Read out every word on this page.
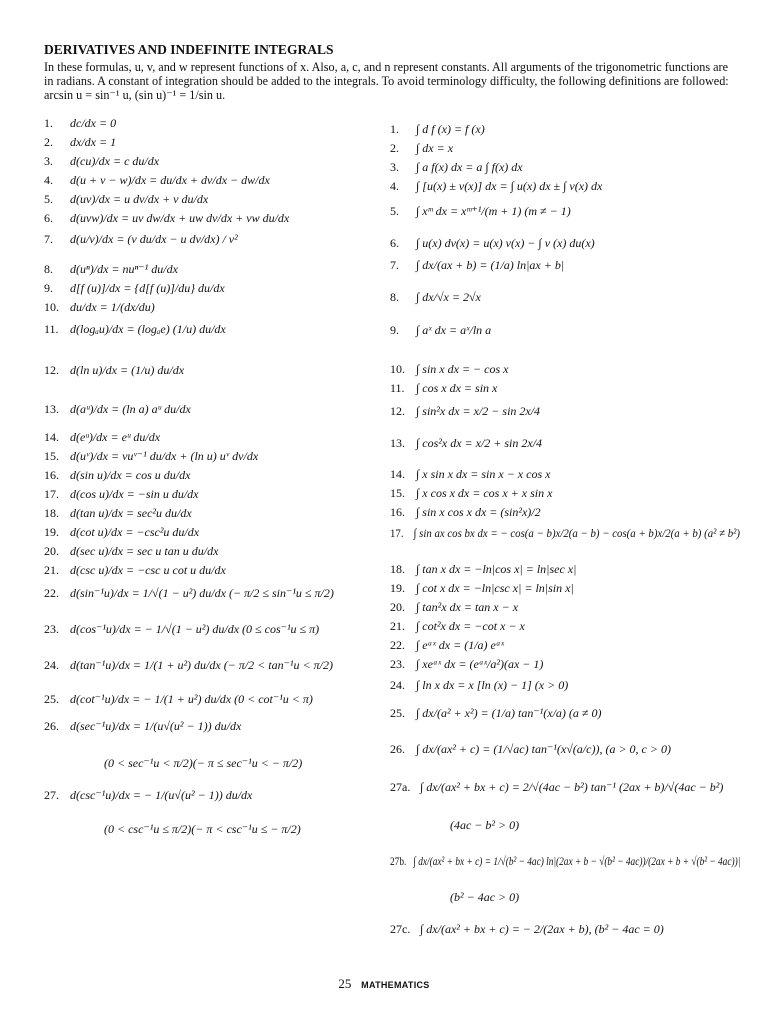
DERIVATIVES AND INDEFINITE INTEGRALS
In these formulas, u, v, and w represent functions of x. Also, a, c, and n represent constants. All arguments of the trigonometric functions are in radians. A constant of integration should be added to the integrals. To avoid terminology difficulty, the following definitions are followed: arcsin u = sin⁻¹ u, (sin u)⁻¹ = 1/sin u.
1. dc/dx = 0
2. dx/dx = 1
3. d(cu)/dx = c du/dx
4. d(u + v − w)/dx = du/dx + dv/dx − dw/dx
5. d(uv)/dx = u dv/dx + v du/dx
6. d(uvw)/dx = uv dw/dx + uw dv/dx + vw du/dx
7. d(u/v)/dx = (v du/dx − u dv/dx) / v²
8. d(uⁿ)/dx = nuⁿ⁻¹ du/dx
9. d[f (u)]/dx = {d[f (u)]/du} du/dx
10. du/dx = 1/(dx/du)
11. d(logₐu)/dx = (logₐe) (1/u) du/dx
12. d(ln u)/dx = (1/u) du/dx
13. d(aᵘ)/dx = (ln a) aᵘ du/dx
14. d(eᵘ)/dx = eᵘ du/dx
15. d(uᵛ)/dx = vuᵛ⁻¹ du/dx + (ln u) uᵛ dv/dx
16. d(sin u)/dx = cos u du/dx
17. d(cos u)/dx = −sin u du/dx
18. d(tan u)/dx = sec²u du/dx
19. d(cot u)/dx = −csc²u du/dx
20. d(sec u)/dx = sec u tan u du/dx
21. d(csc u)/dx = −csc u cot u du/dx
22. d(sin⁻¹u)/dx = 1/√(1 − u²) du/dx (− π/2 ≤ sin⁻¹u ≤ π/2)
23. d(cos⁻¹u)/dx = − 1/√(1 − u²) du/dx (0 ≤ cos⁻¹u ≤ π)
24. d(tan⁻¹u)/dx = 1/(1 + u²) du/dx (− π/2 < tan⁻¹u < π/2)
25. d(cot⁻¹u)/dx = − 1/(1 + u²) du/dx (0 < cot⁻¹u < π)
26. d(sec⁻¹u)/dx = 1/(u√(u² − 1)) du/dx
(0 < sec⁻¹u < π/2)(− π ≤ sec⁻¹u < − π/2)
27. d(csc⁻¹u)/dx = − 1/(u√(u² − 1)) du/dx
(0 < csc⁻¹u ≤ π/2)(− π < csc⁻¹u ≤ − π/2)
1. ∫ d f (x) = f (x)
2. ∫ dx = x
3. ∫ a f(x) dx = a ∫ f(x) dx
4. ∫ [u(x) ± v(x)] dx = ∫ u(x) dx ± ∫ v(x) dx
5. ∫ xᵐ dx = xᵐ⁺¹/(m + 1) (m ≠ − 1)
6. ∫ u(x) dv(x) = u(x) v(x) − ∫ v (x) du(x)
7. ∫ dx/(ax + b) = (1/a) ln|ax + b|
8. ∫ dx/√x = 2√x
9. ∫ aˣ dx = aˣ/ln a
10. ∫ sin x dx = − cos x
11. ∫ cos x dx = sin x
12. ∫ sin²x dx = x/2 − sin 2x/4
13. ∫ cos²x dx = x/2 + sin 2x/4
14. ∫ x sin x dx = sin x − x cos x
15. ∫ x cos x dx = cos x + x sin x
16. ∫ sin x cos x dx = (sin²x)/2
17. ∫ sin ax cos bx dx = − cos(a − b)x/2(a − b) − cos(a + b)x/2(a + b) (a² ≠ b²)
18. ∫ tan x dx = −ln|cos x| = ln|sec x|
19. ∫ cot x dx = −ln|csc x| = ln|sin x|
20. ∫ tan²x dx = tan x − x
21. ∫ cot²x dx = −cot x − x
22. ∫ eᵃˣ dx = (1/a) eᵃˣ
23. ∫ xeᵃˣ dx = (eᵃˣ/a²)(ax − 1)
24. ∫ ln x dx = x [ln (x) − 1] (x > 0)
25. ∫ dx/(a² + x²) = (1/a) tan⁻¹(x/a) (a ≠ 0)
26. ∫ dx/(ax² + c) = (1/√ac) tan⁻¹(x√(a/c)), (a > 0, c > 0)
27a. ∫ dx/(ax² + bx + c) = 2/√(4ac − b²) tan⁻¹ (2ax + b)/√(4ac − b²)
(4ac − b² > 0)
27b. ∫ dx/(ax² + bx + c) = 1/√(b² − 4ac) ln|(2ax + b − √(b² − 4ac))/(2ax + b + √(b² − 4ac))|
(b² − 4ac > 0)
27c. ∫ dx/(ax² + bx + c) = − 2/(2ax + b), (b² − 4ac = 0)
25 MATHEMATICS
